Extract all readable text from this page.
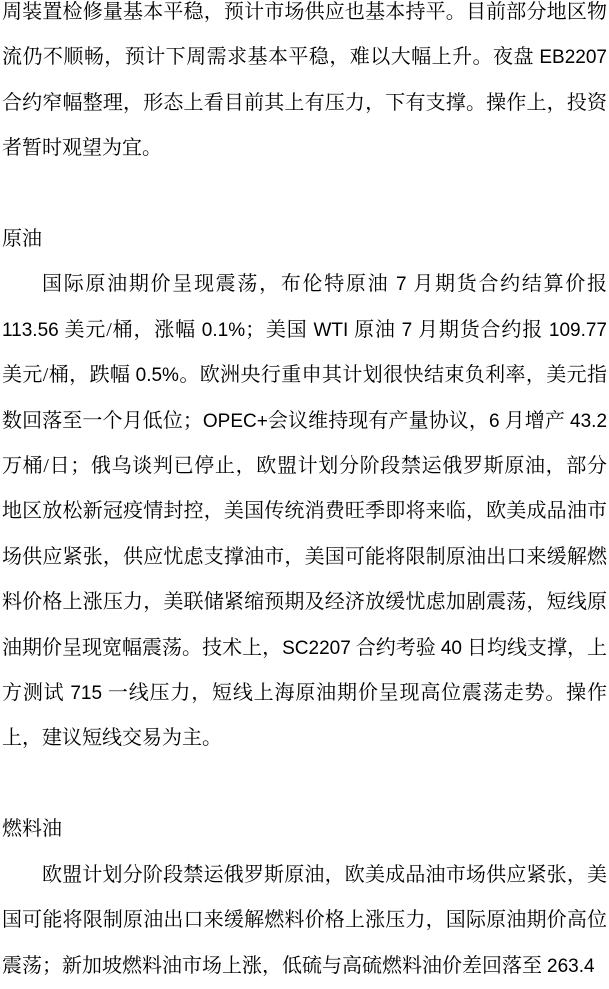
周装置检修量基本平稳，预计市场供应也基本持平。目前部分地区物流仍不顺畅，预计下周需求基本平稳，难以大幅上升。夜盘 EB2207 合约窄幅整理，形态上看目前其上有压力，下有支撑。操作上，投资者暂时观望为宜。

原油

国际原油期价呈现震荡，布伦特原油 7 月期货合约结算价报 113.56 美元/桶，涨幅 0.1%；美国 WTI 原油 7 月期货合约报 109.77 美元/桶，跌幅 0.5%。欧洲央行重申其计划很快结束负利率，美元指数回落至一个月低位；OPEC+会议维持现有产量协议，6 月增产 43.2 万桶/日；俄乌谈判已停止，欧盟计划分阶段禁运俄罗斯原油，部分地区放松新冠疫情封控，美国传统消费旺季即将来临，欧美成品油市场供应紧张，供应忧虑支撑油市，美国可能将限制原油出口来缓解燃料价格上涨压力，美联储紧缩预期及经济放缓忧虑加剧震荡，短线原油期价呈现宽幅震荡。技术上，SC2207 合约考验 40 日均线支撑，上方测试 715 一线压力，短线上海原油期价呈现高位震荡走势。操作上，建议短线交易为主。

燃料油

欧盟计划分阶段禁运俄罗斯原油，欧美成品油市场供应紧张，美国可能将限制原油出口来缓解燃料价格上涨压力，国际原油期价高位震荡；新加坡燃料油市场上涨，低硫与高硫燃料油价差回落至 263.4
